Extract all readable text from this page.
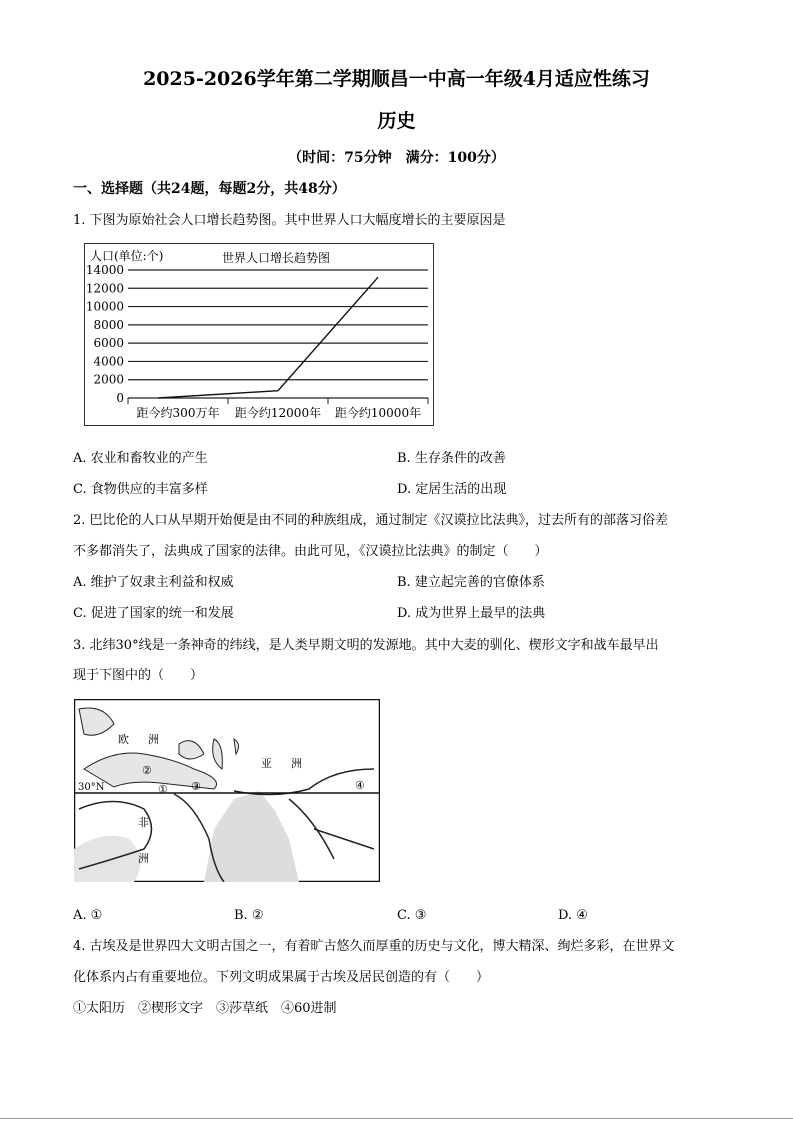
2025-2026学年第二学期顺昌一中高一年级4月适应性练习
历史
（时间：75分钟　满分：100分）
一、选择题（共24题，每题2分，共48分）
1. 下图为原始社会人口增长趋势图。其中世界人口大幅度增长的主要原因是
0
2000
4000
6000
8000
10000
12000
14000
距今约300万年 距今约12000年 距今约10000年
人口(单位:个)	世界人口增长趋势图
A. 农业和畜牧业的产生	B. 生存条件的改善
C. 食物供应的丰富多样	D. 定居生活的出现
2. 巴比伦的人口从早期开始便是由不同的种族组成，通过制定《汉谟拉比法典》，过去所有的部落习俗差
不多都消失了，法典成了国家的法律。由此可见，《汉谟拉比法典》的制定（　　）
A. 维护了奴隶主利益和权威	B. 建立起完善的官僚体系
C. 促进了国家的统一和发展	D. 成为世界上最早的法典
3. 北纬30°线是一条神奇的纬线，是人类早期文明的发源地。其中大麦的驯化、楔形文字和战车最早出
现于下图中的（　　）
欧 洲
亚 洲
非
洲
30°N	①
②
③	④
A. ①	B. ②	C. ③	D. ④
4. 古埃及是世界四大文明古国之一，有着旷古悠久而厚重的历史与文化，博大精深、绚烂多彩，在世界文
化体系内占有重要地位。下列文明成果属于古埃及居民创造的有（　　）
①太阳历　②楔形文字　③莎草纸　④60进制
